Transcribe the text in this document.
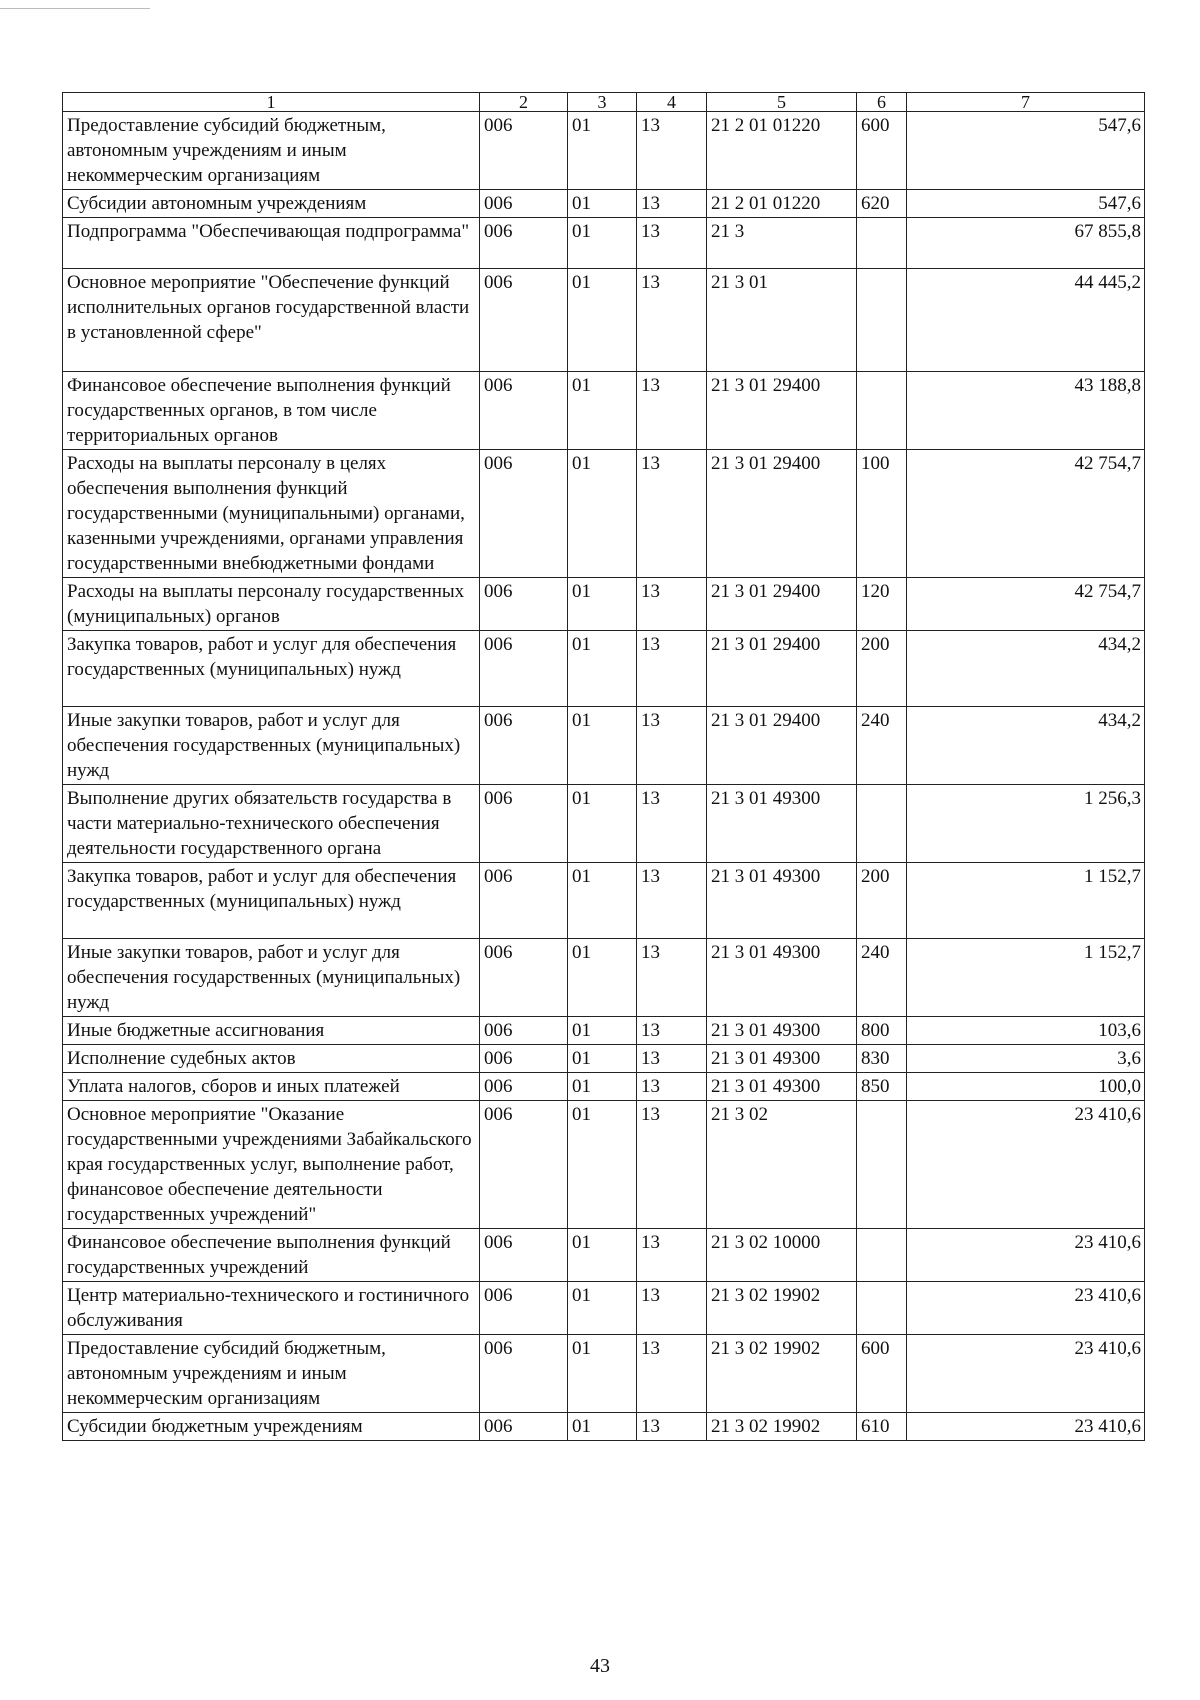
1	2	3	4	5	6	7
Предоставление субсидий бюджетным, автономным учреждениям и иным некоммерческим организациям	006	01	13	21 2 01 01220	600	547,6
Субсидии автономным учреждениям	006	01	13	21 2 01 01220	620	547,6
Подпрограмма "Обеспечивающая подпрограмма"	006	01	13	21 3		67 855,8
Основное мероприятие "Обеспечение функций исполнительных органов государственной власти в установленной сфере"	006	01	13	21 3 01		44 445,2
Финансовое обеспечение выполнения функций государственных органов, в том числе территориальных органов	006	01	13	21 3 01 29400		43 188,8
Расходы на выплаты персоналу в целях обеспечения выполнения функций государственными (муниципальными) органами, казенными учреждениями, органами управления государственными внебюджетными фондами	006	01	13	21 3 01 29400	100	42 754,7
Расходы на выплаты персоналу государственных (муниципальных) органов	006	01	13	21 3 01 29400	120	42 754,7
Закупка товаров, работ и услуг для обеспечения государственных (муниципальных) нужд	006	01	13	21 3 01 29400	200	434,2
Иные закупки товаров, работ и услуг для обеспечения государственных (муниципальных) нужд	006	01	13	21 3 01 29400	240	434,2
Выполнение других обязательств государства в части материально-технического обеспечения деятельности государственного органа	006	01	13	21 3 01 49300		1 256,3
Закупка товаров, работ и услуг для обеспечения государственных (муниципальных) нужд	006	01	13	21 3 01 49300	200	1 152,7
Иные закупки товаров, работ и услуг для обеспечения государственных (муниципальных) нужд	006	01	13	21 3 01 49300	240	1 152,7
Иные бюджетные ассигнования	006	01	13	21 3 01 49300	800	103,6
Исполнение судебных актов	006	01	13	21 3 01 49300	830	3,6
Уплата налогов, сборов и иных платежей	006	01	13	21 3 01 49300	850	100,0
Основное мероприятие "Оказание государственными учреждениями Забайкальского края государственных услуг, выполнение работ, финансовое обеспечение деятельности государственных учреждений"	006	01	13	21 3 02		23 410,6
Финансовое обеспечение выполнения функций государственных учреждений	006	01	13	21 3 02 10000		23 410,6
Центр материально-технического и гостиничного обслуживания	006	01	13	21 3 02 19902		23 410,6
Предоставление субсидий бюджетным, автономным учреждениям и иным некоммерческим организациям	006	01	13	21 3 02 19902	600	23 410,6
Субсидии бюджетным учреждениям	006	01	13	21 3 02 19902	610	23 410,6
43
